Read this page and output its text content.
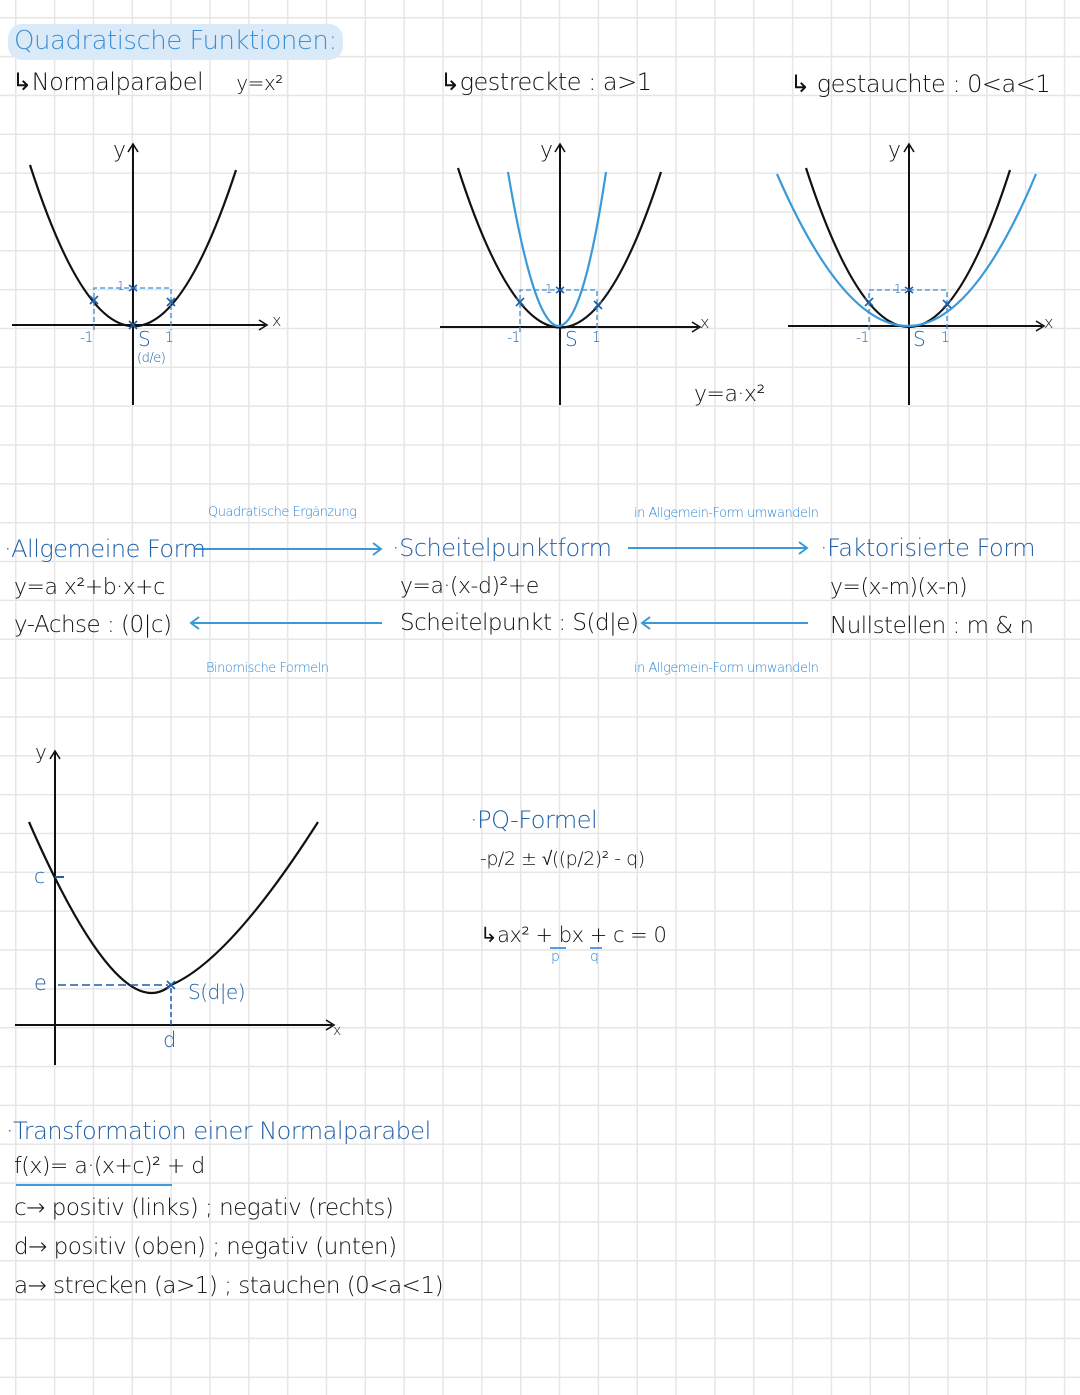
Quadratische Funktionen:
↳Normalparabel y=x²	↳gestreckte : a>1	↳ gestauchte : 0<a<1
y
x
-1	1
1
S
(d/e)
y
x
-1	1
1
S
y=a·x²
y
x
-1	1
1
S
Quadratische Ergänzung
Binomische Formeln
in Allgemein-Form umwandeln
in Allgemein-Form umwandeln
·Allgemeine Form
y=a x²+b·x+c
y-Achse : (0|c)
·Scheitelpunktform
y=a·(x-d)²+e
Scheitelpunkt : S(d|e)
·Faktorisierte Form
y=(x-m)(x-n)
Nullstellen : m & n
y
x
c
e
d
S(d|e)
·PQ-Formel
-p/2 ± √((p/2)² - q)
↳ax² + bx + c = 0
p q
·Transformation einer Normalparabel
f(x)= a·(x+c)² + d
c→ positiv (links) ; negativ (rechts)
d→ positiv (oben) ; negativ (unten)
a→ strecken (a>1) ; stauchen (0<a<1)
